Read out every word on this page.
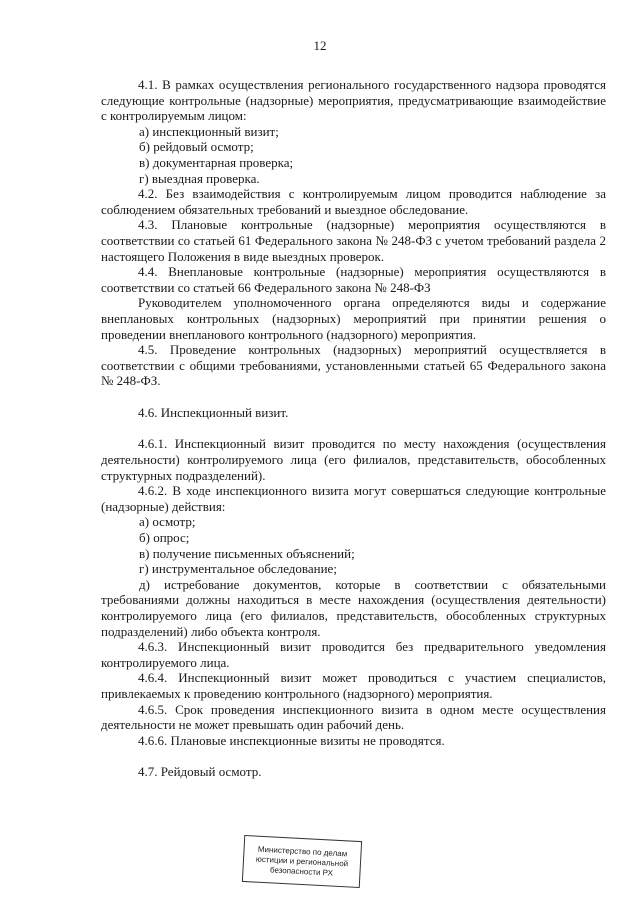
12

4.1. В рамках осуществления регионального государственного надзора проводятся следующие контрольные (надзорные) мероприятия, предусматривающие взаимодействие с контролируемым лицом:

а) инспекционный визит;

б) рейдовый осмотр;

в) документарная проверка;

г) выездная проверка.

4.2. Без взаимодействия с контролируемым лицом проводится наблюдение за соблюдением обязательных требований и выездное обследование.

4.3. Плановые контрольные (надзорные) мероприятия осуществляются в соответствии со статьей 61 Федерального закона № 248-ФЗ с учетом требований раздела 2 настоящего Положения в виде выездных проверок.

4.4. Внеплановые контрольные (надзорные) мероприятия осуществляются в соответствии со статьей 66 Федерального закона № 248-ФЗ

Руководителем уполномоченного органа определяются виды и содержание внеплановых контрольных (надзорных) мероприятий при принятии решения о проведении внепланового контрольного (надзорного) мероприятия.

4.5. Проведение контрольных (надзорных) мероприятий осуществляется в соответствии с общими требованиями, установленными статьей 65 Федерального закона № 248-ФЗ.

4.6. Инспекционный визит.

4.6.1. Инспекционный визит проводится по месту нахождения (осуществления деятельности) контролируемого лица (его филиалов, представительств, обособленных структурных подразделений).

4.6.2. В ходе инспекционного визита могут совершаться следующие контрольные (надзорные) действия:

а) осмотр;

б) опрос;

в) получение письменных объяснений;

г) инструментальное обследование;

д) истребование документов, которые в соответствии с обязательными требованиями должны находиться в месте нахождения (осуществления деятельности) контролируемого лица (его филиалов, представительств, обособленных структурных подразделений) либо объекта контроля.

4.6.3. Инспекционный визит проводится без предварительного уведомления контролируемого лица.

4.6.4. Инспекционный визит может проводиться с участием специалистов, привлекаемых к проведению контрольного (надзорного) мероприятия.

4.6.5. Срок проведения инспекционного визита в одном месте осуществления деятельности не может превышать один рабочий день.

4.6.6. Плановые инспекционные визиты не проводятся.

4.7. Рейдовый осмотр.

Министерство по делам
юстиции и региональной
безопасности РХ
